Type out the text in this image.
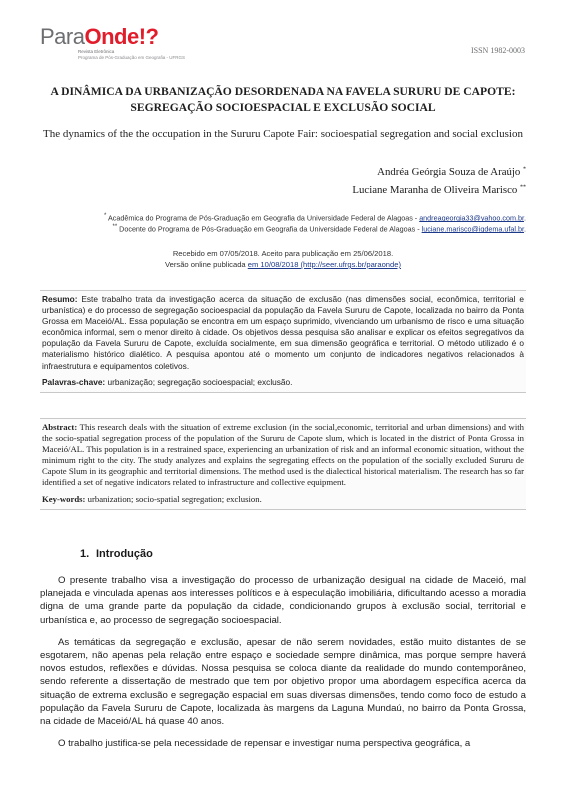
ParaOnde!?
Revista Eletrônica
Programa de Pós-Graduação em Geografia - UFRGS
ISSN 1982-0003
A DINÂMICA DA URBANIZAÇÃO DESORDENADA NA FAVELA SURURU DE CAPOTE: SEGREGAÇÃO SOCIOESPACIAL E EXCLUSÃO SOCIAL
The dynamics of the the occupation in the Sururu Capote Fair: socioespatial segregation and social exclusion
Andréa Geórgia Souza de Araújo *
Luciane Maranha de Oliveira Marisco **
* Acadêmica do Programa de Pós-Graduação em Geografia da Universidade Federal de Alagoas - andreageorgia33@yahoo.com.br.
** Docente do Programa de Pós-Graduação em Geografia da Universidade Federal de Alagoas - luciane.marisco@igdema.ufal.br.
Recebido em 07/05/2018. Aceito para publicação em 25/06/2018.
Versão online publicada em 10/08/2018 (http://seer.ufrgs.br/paraonde)

Resumo: Este trabalho trata da investigação acerca da situação de exclusão (nas dimensões social, econômica, territorial e urbanística) e do processo de segregação socioespacial da população da Favela Sururu de Capote, localizada no bairro da Ponta Grossa em Maceió/AL. Essa população se encontra em um espaço suprimido, vivenciando um urbanismo de risco e uma situação econômica informal, sem o menor direito à cidade. Os objetivos dessa pesquisa são analisar e explicar os efeitos segregativos da população da Favela Sururu de Capote, excluída socialmente, em sua dimensão geográfica e territorial. O método utilizado é o materialismo histórico dialético. A pesquisa apontou até o momento um conjunto de indicadores negativos relacionados à infraestrutura e equipamentos coletivos.

Palavras-chave: urbanização; segregação socioespacial; exclusão.

Abstract: This research deals with the situation of extreme exclusion (in the social,economic, territorial and urban dimensions) and with the socio-spatial segregation process of the population of the Sururu de Capote slum, which is located in the district of Ponta Grossa in Maceió/AL. This population is in a restrained space, experiencing an urbanization of risk and an informal economic situation, without the minimum right to the city. The study analyzes and explains the segregating effects on the population of the socially excluded Sururu de Capote Slum in its geographic and territorial dimensions. The method used is the dialectical historical materialism. The research has so far identified a set of negative indicators related to infrastructure and collective equipment.

Key-words: urbanization; socio-spatial segregation; exclusion.

1. Introdução

O presente trabalho visa a investigação do processo de urbanização desigual na cidade de Maceió, mal planejada e vinculada apenas aos interesses políticos e à especulação imobiliária, dificultando acesso a moradia digna de uma grande parte da população da cidade, condicionando grupos à exclusão social, territorial e urbanística e, ao processo de segregação socioespacial.

As temáticas da segregação e exclusão, apesar de não serem novidades, estão muito distantes de se esgotarem, não apenas pela relação entre espaço e sociedade sempre dinâmica, mas porque sempre haverá novos estudos, reflexões e dúvidas. Nossa pesquisa se coloca diante da realidade do mundo contemporâneo, sendo referente a dissertação de mestrado que tem por objetivo propor uma abordagem específica acerca da situação de extrema exclusão e segregação espacial em suas diversas dimensões, tendo como foco de estudo a população da Favela Sururu de Capote, localizada às margens da Laguna Mundaú, no bairro da Ponta Grossa, na cidade de Maceió/AL há quase 40 anos.

O trabalho justifica-se pela necessidade de repensar e investigar numa perspectiva geográfica, a
